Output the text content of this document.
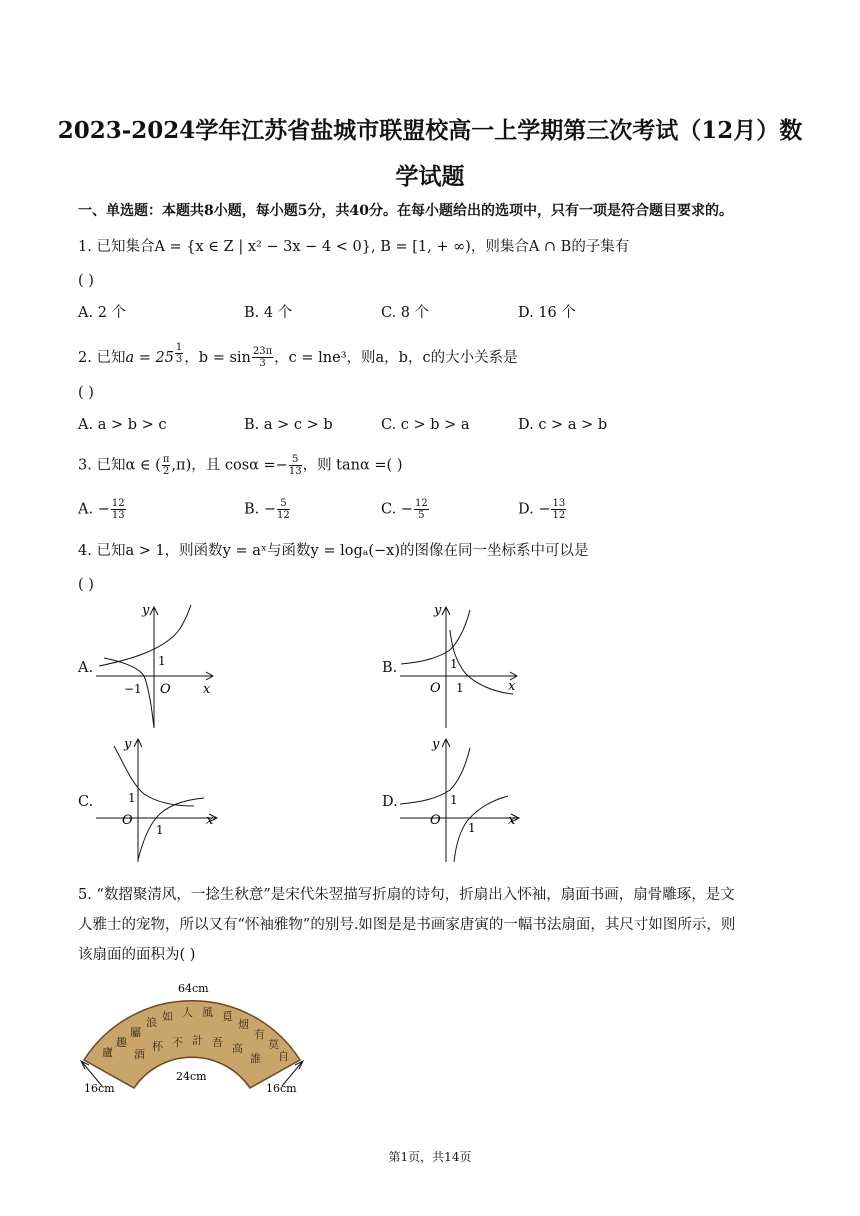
2023-2024学年江苏省盐城市联盟校高一上学期第三次考试（12月）数
学试题
一、单选题：本题共8小题，每小题5分，共40分。在每小题给出的选项中，只有一项是符合题目要求的。
1. 已知集合A = {x ∈ Z | x² − 3x − 4 < 0}, B = [1, + ∞)，则集合A ∩ B的子集有
( )
A. 2 个	B. 4 个	C. 8 个	D. 16 个
2. 已知a = 25 $^{\frac{1}{3}}$ ，$b = \sin \frac{23\pi}{3}$ ，c = lne³，则a，b，c的大小关系是
( )
A. a > b > c	B. a > c > b	C. c > b > a	D. c > a > b
3. 已知α ∈ ( $\frac{\pi}{2} ,\pi$)，且 $\cos\alpha =- \frac{5}{13}$ ，则 tanα =( )
A. − $\frac{12}{13}$	B. − $\frac{5}{12}$	C. − $\frac{12}{5}$	D. − $\frac{13}{12}$
4. 已知a > 1，则函数y = aˣ与函数y = logₐ(−x)的图像在同一坐标系中可以是
( )
A.
y
x
O
1
−1
B.
y
x
O
1
1
C.
y
x
O
1
1
D.
y
x
O
1
1
5. “数摺聚清风，一捻生秋意”是宋代朱翌描写折扇的诗句，折扇出入怀袖，扇面书画，扇骨雕琢，是文
人雅士的宠物，所以又有“怀袖雅物”的别号.如图是是书画家唐寅的一幅书法扇面，其尺寸如图所示，则
该扇面的面积为( )
廬
趣
屬
浪 如 人 風 覓
烟
有
莫
自
酒
杯 不 計 吾 高
誰
64cm
24cm
16cm	16cm
第1页，共14页
